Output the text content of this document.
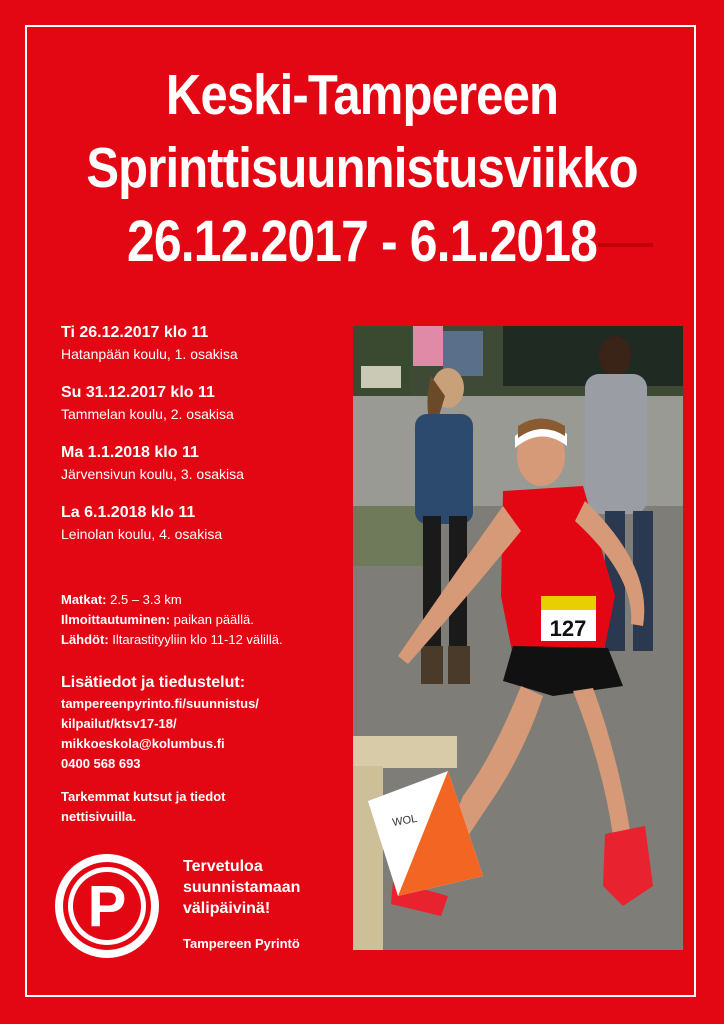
Keski-Tampereen
Sprinttisuunnistusviikko
26.12.2017 - 6.1.2018
Ti 26.12.2017 klo 11
Hatanpään koulu, 1. osakisa
Su 31.12.2017 klo 11
Tammelan koulu, 2. osakisa
Ma 1.1.2018 klo 11
Järvensivun koulu, 3. osakisa
La 6.1.2018 klo 11
Leinolan koulu, 4. osakisa
Matkat: 2.5 – 3.3 km
Ilmoittautuminen: paikan päällä.
Lähdöt: Iltarastityyliin klo 11-12 välillä.
Lisätiedot ja tiedustelut:
tampereenpyrinto.fi/suunnistus/
kilpailut/ktsv17-18/
mikkoeskola@kolumbus.fi
0400 568 693
Tarkemmat kutsut ja tiedot
nettisivuilla.
P
Tervetuloa
suunnistamaan
välipäivinä!
Tampereen Pyrintö
127
WOL
